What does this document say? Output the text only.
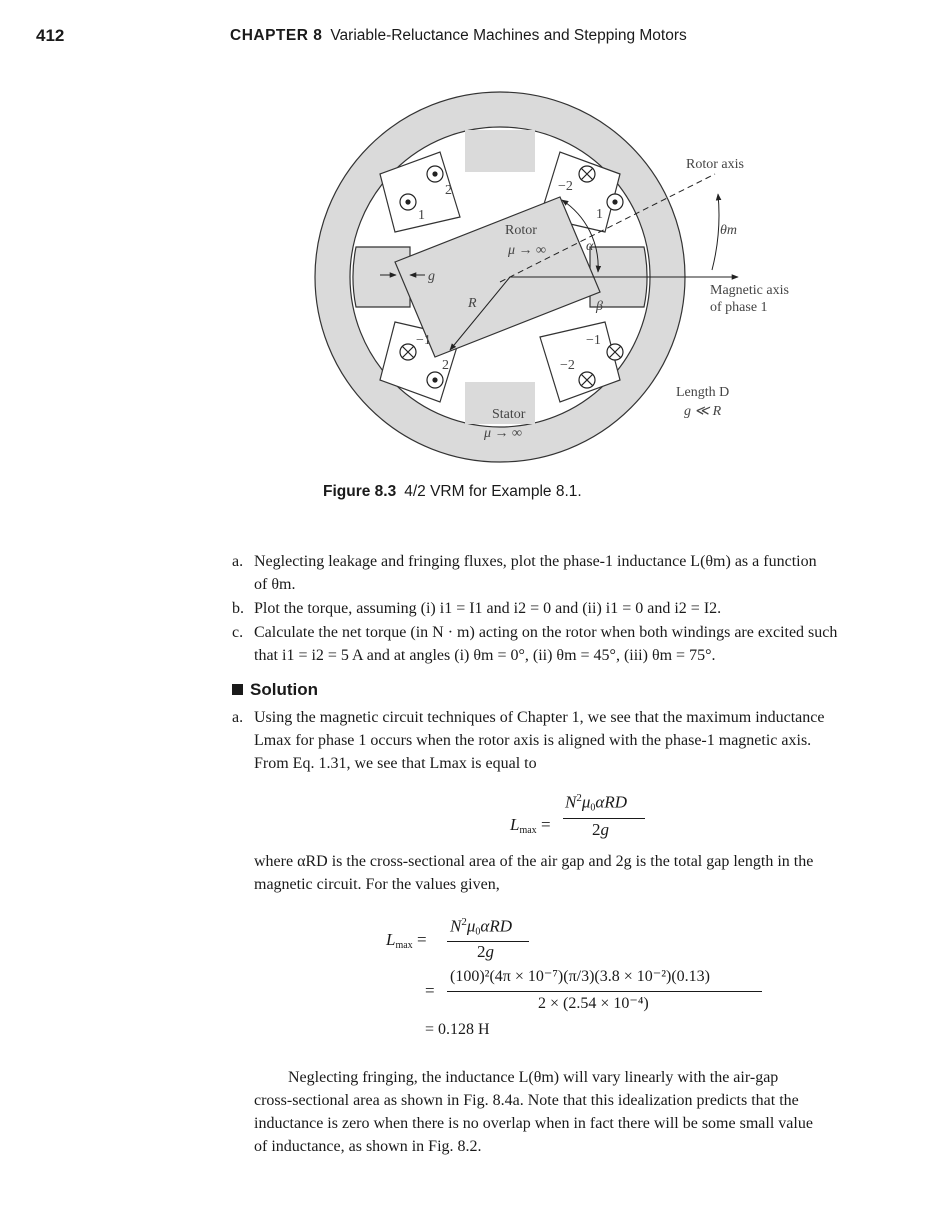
412	CHAPTER 8 Variable-Reluctance Machines and Stepping Motors
Rotor axis
θm
Magnetic axis
of phase 1
Rotor
μ → ∞
Stator
μ → ∞
Length D
g ≪ R
g
R
α
β
2
1
−2
1
−1
2
−1
−2
Figure 8.3 4/2 VRM for Example 8.1.
a. Neglecting leakage and fringing fluxes, plot the phase-1 inductance L(θm) as a function
of θm.
b. Plot the torque, assuming (i) i1 = I1 and i2 = 0 and (ii) i1 = 0 and i2 = I2.
c. Calculate the net torque (in N · m) acting on the rotor when both windings are excited such
that i1 = i2 = 5 A and at angles (i) θm = 0°, (ii) θm = 45°, (iii) θm = 75°.
Solution
a. Using the magnetic circuit techniques of Chapter 1, we see that the maximum inductance
Lmax for phase 1 occurs when the rotor axis is aligned with the phase-1 magnetic axis.
From Eq. 1.31, we see that Lmax is equal to
$L_{max}$ =
$N^2\mu_0\alpha RD$
2g
where αRD is the cross-sectional area of the air gap and 2g is the total gap length in the
magnetic circuit. For the values given,
$L_{max}$ =
$N^2\mu_0\alpha RD$
2g
=
(100)²(4π × 10⁻⁷)(π/3)(3.8 × 10⁻²)(0.13)
2 × (2.54 × 10⁻⁴)
= 0.128 H
Neglecting fringing, the inductance L(θm) will vary linearly with the air-gap
cross-sectional area as shown in Fig. 8.4a. Note that this idealization predicts that the
inductance is zero when there is no overlap when in fact there will be some small value
of inductance, as shown in Fig. 8.2.
